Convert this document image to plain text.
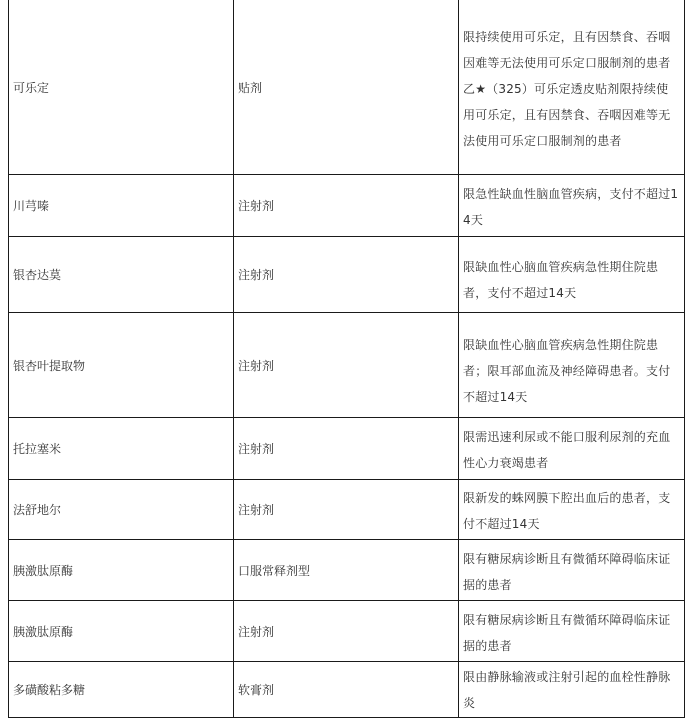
可乐定	贴剂	限持续使用可乐定，且有因禁食、吞咽因难等无法使用可乐定口服制剂的患者乙★（325）可乐定透皮贴剂限持续使用可乐定，且有因禁食、吞咽因难等无法使用可乐定口服制剂的患者
川芎嗪	注射剂	限急性缺血性脑血管疾病，支付不超过14天
银杏达莫	注射剂	限缺血性心脑血管疾病急性期住院患者，支付不超过14天
银杏叶提取物	注射剂	限缺血性心脑血管疾病急性期住院患者；限耳部血流及神经障碍患者。支付不超过14天
托拉塞米	注射剂	限需迅速利尿或不能口服利尿剂的充血性心力衰竭患者
法舒地尔	注射剂	限新发的蛛网膜下腔出血后的患者，支付不超过14天
胰激肽原酶	口服常释剂型	限有糖尿病诊断且有微循环障碍临床证据的患者
胰激肽原酶	注射剂	限有糖尿病诊断且有微循环障碍临床证据的患者
多磺酸粘多糖	软膏剂	限由静脉输液或注射引起的血栓性静脉炎
